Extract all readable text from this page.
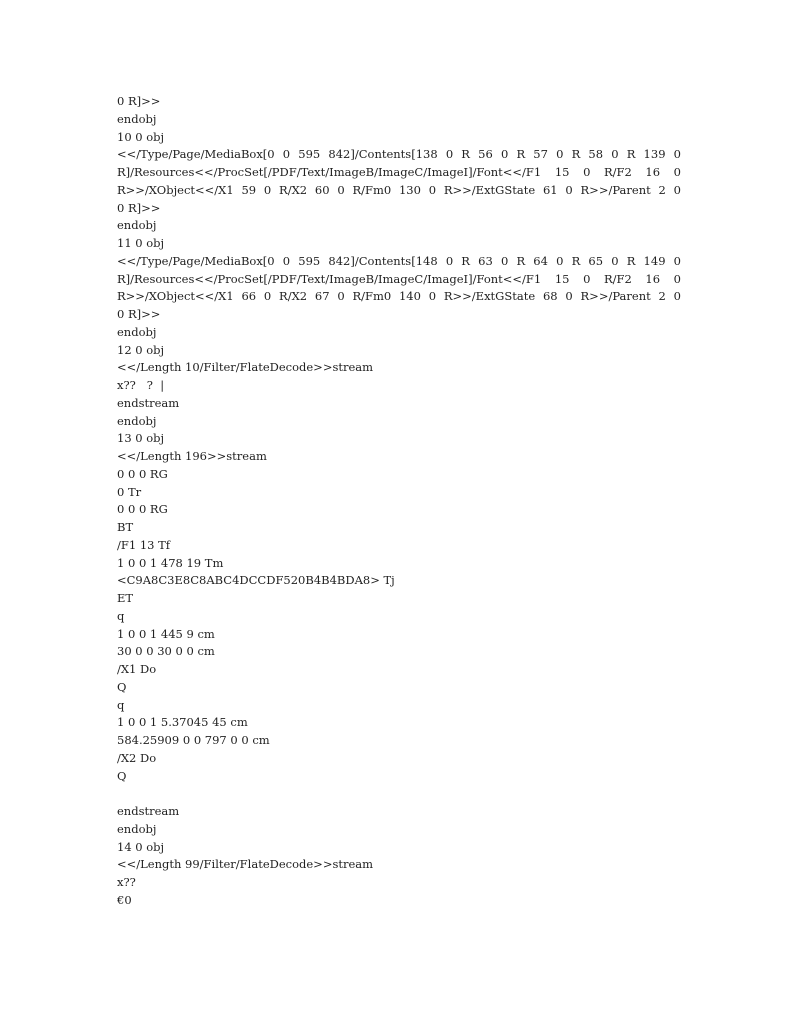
0 R]>>
endobj
10 0 obj
<</Type/Page/MediaBox[0 0 595 842]/Contents[138 0 R 56 0 R 57 0 R 58 0 R 139 0
R]/Resources<</ProcSet[/PDF/Text/ImageB/ImageC/ImageI]/Font<</F1 15 0 R/F2 16 0
R>>/XObject<</X1 59 0 R/X2 60 0 R/Fm0 130 0 R>>/ExtGState 61 0 R>>/Parent 2 0
0 R]>>
endobj
11 0 obj
<</Type/Page/MediaBox[0 0 595 842]/Contents[148 0 R 63 0 R 64 0 R 65 0 R 149 0
R]/Resources<</ProcSet[/PDF/Text/ImageB/ImageC/ImageI]/Font<</F1 15 0 R/F2 16 0
R>>/XObject<</X1 66 0 R/X2 67 0 R/Fm0 140 0 R>>/ExtGState 68 0 R>>/Parent 2 0
0 R]>>
endobj
12 0 obj
<</Length 10/Filter/FlateDecode>>stream
x??   ?  |
endstream
endobj
13 0 obj
<</Length 196>>stream
0 0 0 RG
0 Tr
0 0 0 RG
BT
/F1 13 Tf
1 0 0 1 478 19 Tm
<C9A8C3E8C8ABC4DCCDF520B4B4BDA8> Tj
ET
q
1 0 0 1 445 9 cm
30 0 0 30 0 0 cm
/X1 Do
Q
q
1 0 0 1 5.37045 45 cm
584.25909 0 0 797 0 0 cm
/X2 Do
Q

endstream
endobj
14 0 obj
<</Length 99/Filter/FlateDecode>>stream
x??
€0
